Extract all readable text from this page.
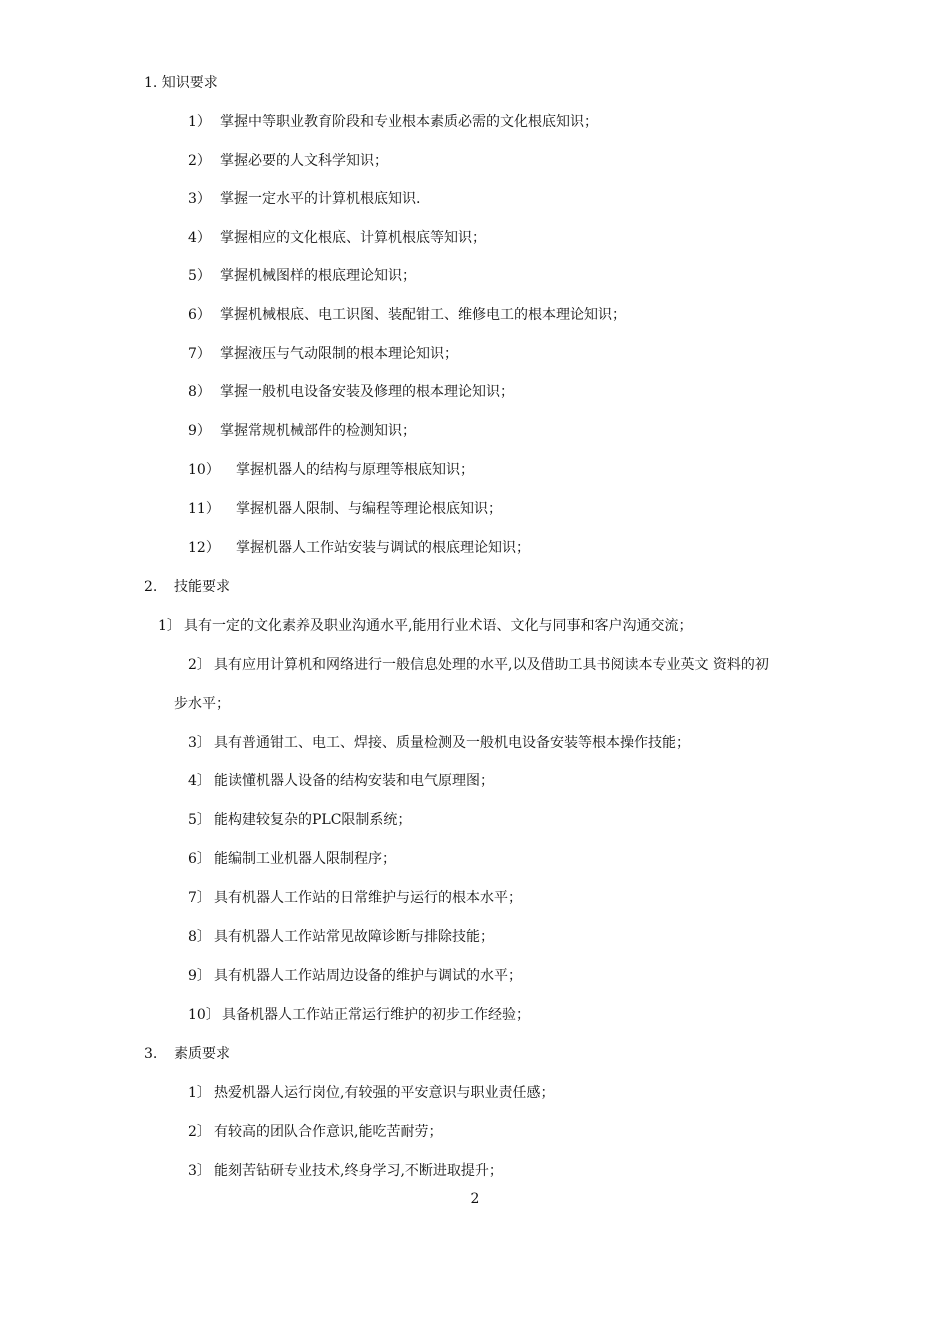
1. 知识要求
1） 掌握中等职业教育阶段和专业根本素质必需的文化根底知识；
2） 掌握必要的人文科学知识；
3） 掌握一定水平的计算机根底知识.
4） 掌握相应的文化根底、计算机根底等知识；
5） 掌握机械图样的根底理论知识；
6） 掌握机械根底、电工识图、装配钳工、维修电工的根本理论知识；
7） 掌握液压与气动限制的根本理论知识；
8） 掌握一般机电设备安装及修理的根本理论知识；
9） 掌握常规机械部件的检测知识；
10） 掌握机器人的结构与原理等根底知识；
11） 掌握机器人限制、与编程等理论根底知识；
12） 掌握机器人工作站安装与调试的根底理论知识；
2. 技能要求
1〕 具有一定的文化素养及职业沟通水平,能用行业术语、文化与同事和客户沟通交流；
2〕 具有应用计算机和网络进行一般信息处理的水平,以及借助工具书阅读本专业英文 资料的初
步水平；
3〕 具有普通钳工、电工、焊接、质量检测及一般机电设备安装等根本操作技能；
4〕 能读懂机器人设备的结构安装和电气原理图；
5〕 能构建较复杂的PLC限制系统；
6〕 能编制工业机器人限制程序；
7〕 具有机器人工作站的日常维护与运行的根本水平；
8〕 具有机器人工作站常见故障诊断与排除技能；
9〕 具有机器人工作站周边设备的维护与调试的水平；
10〕 具备机器人工作站正常运行维护的初步工作经验；
3. 素质要求
1〕 热爱机器人运行岗位,有较强的平安意识与职业责任感；
2〕 有较高的团队合作意识,能吃苦耐劳；
3〕 能刻苦钻研专业技术,终身学习,不断进取提升；
2
